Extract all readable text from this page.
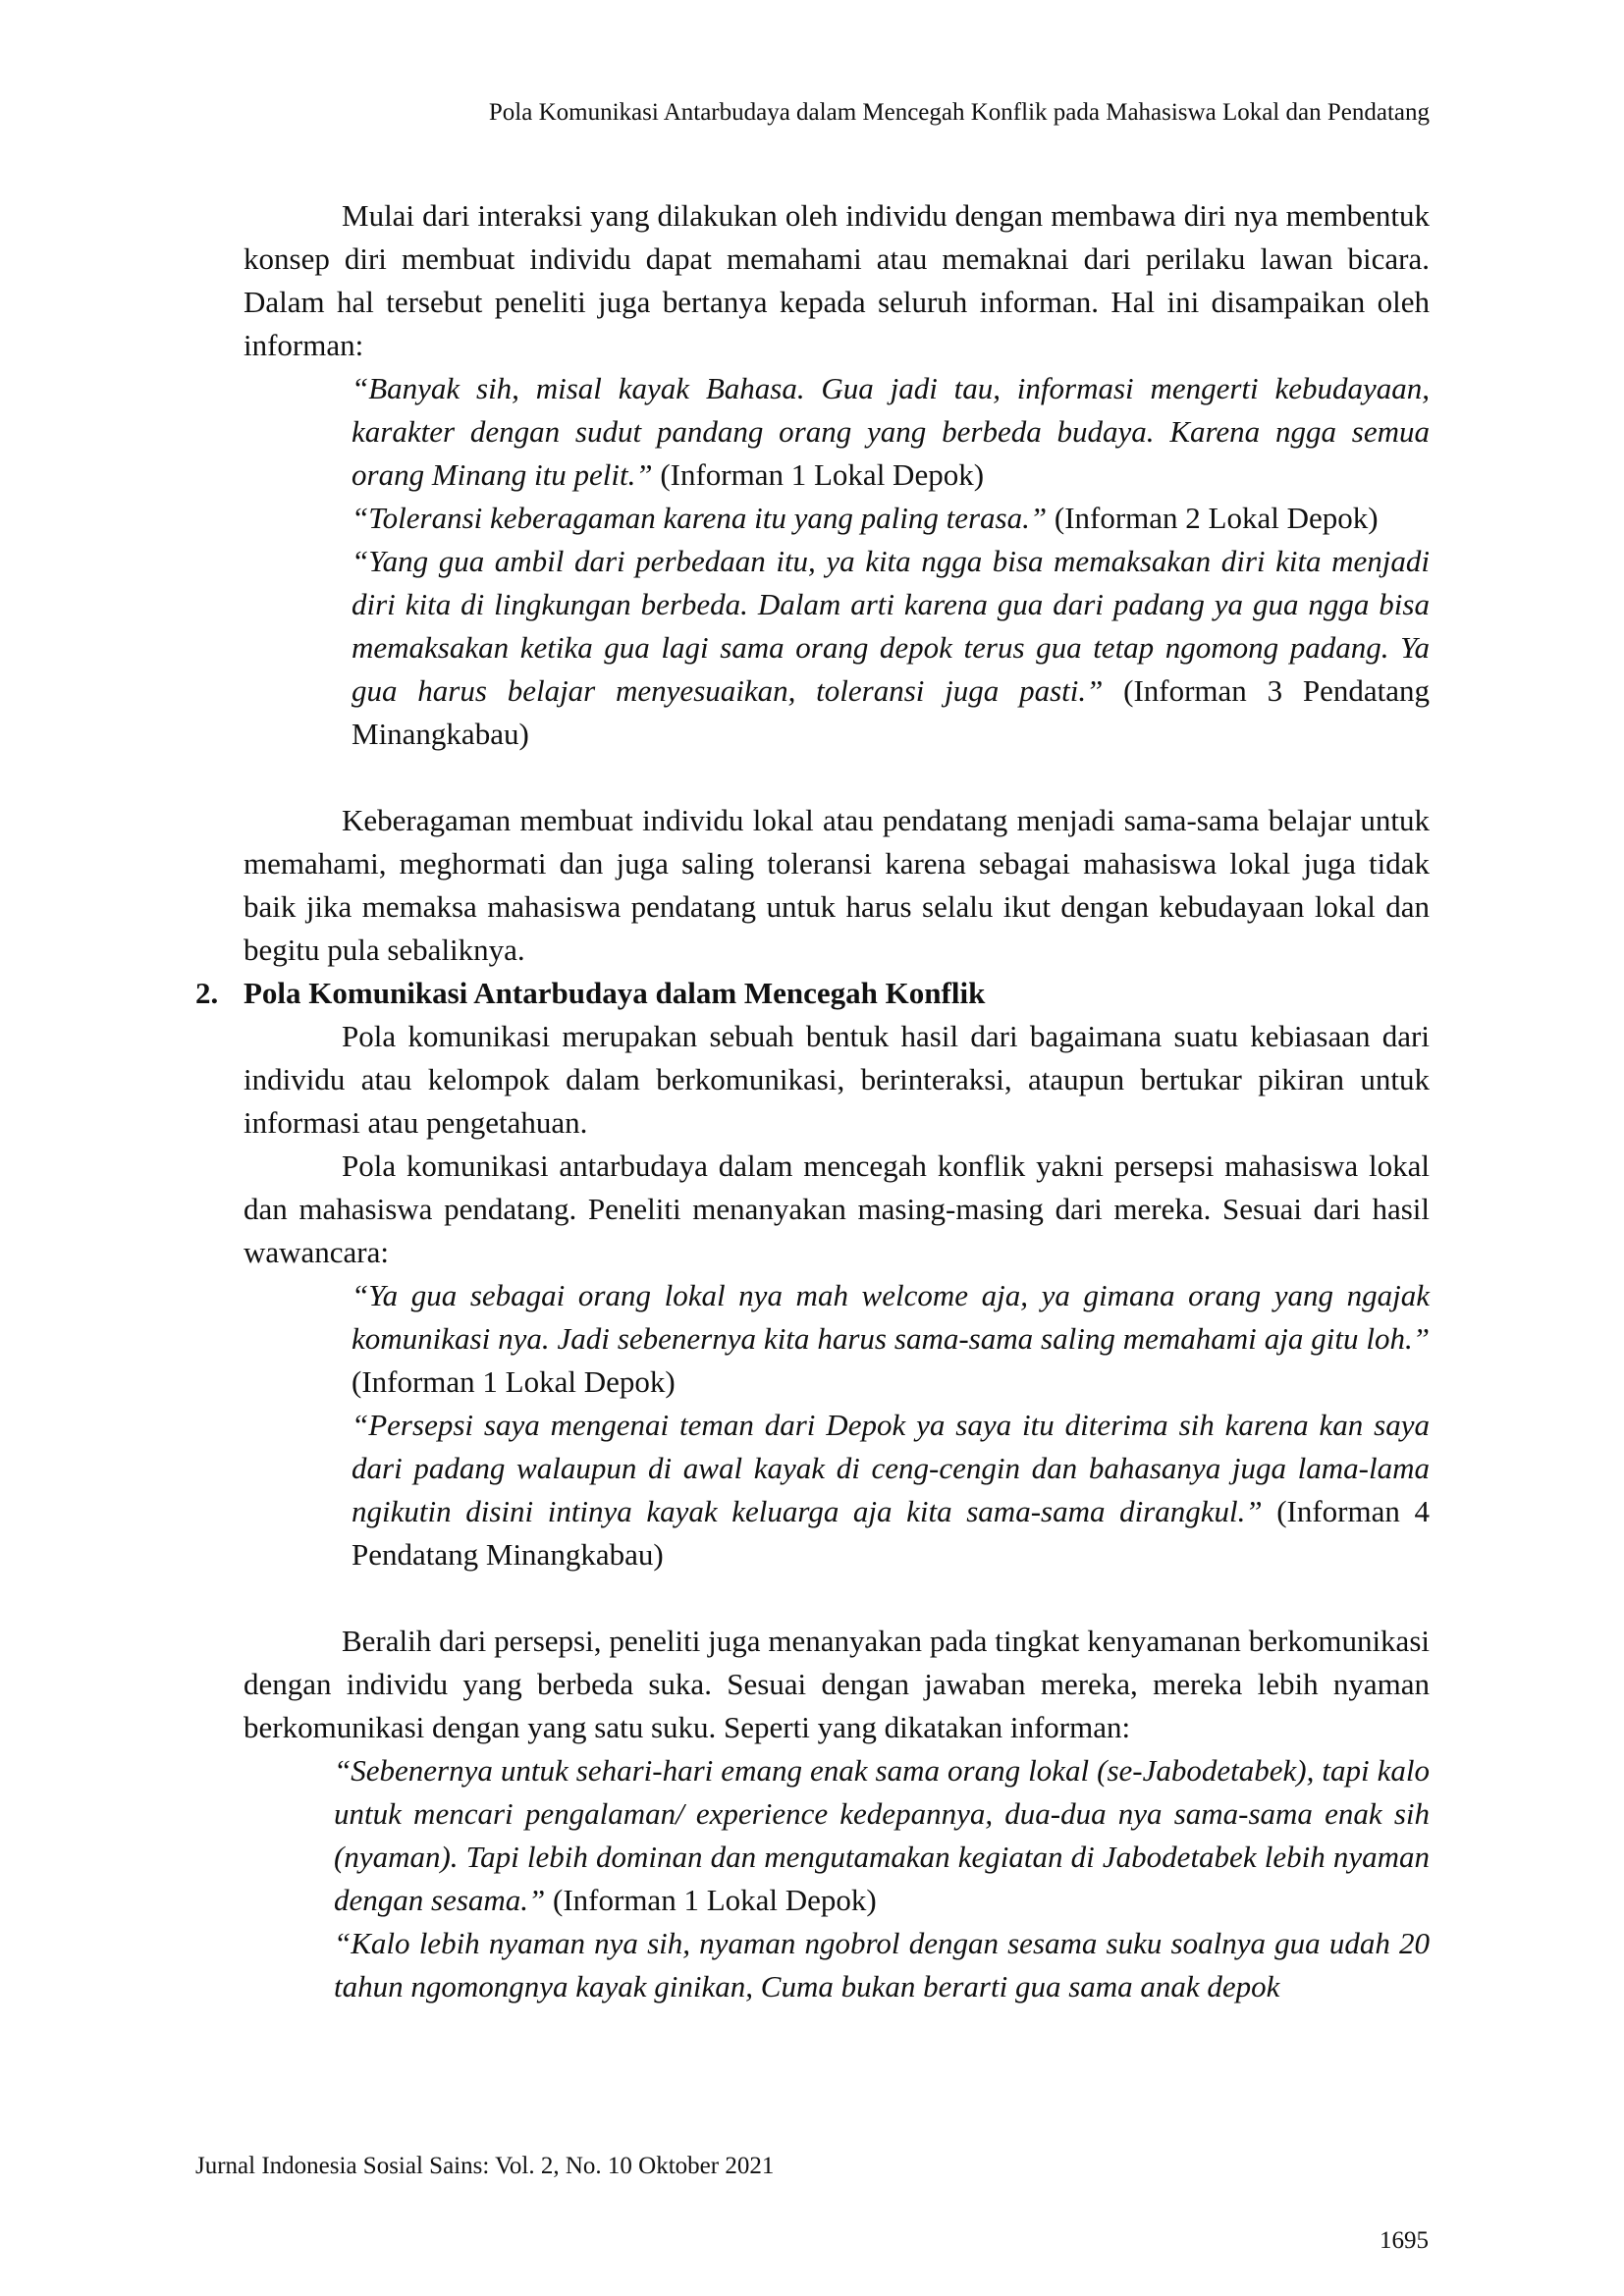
Pola Komunikasi Antarbudaya dalam Mencegah Konflik pada Mahasiswa Lokal dan Pendatang

Mulai dari interaksi yang dilakukan oleh individu dengan membawa diri nya membentuk konsep diri membuat individu dapat memahami atau memaknai dari perilaku lawan bicara. Dalam hal tersebut peneliti juga bertanya kepada seluruh informan. Hal ini disampaikan oleh informan:

“Banyak sih, misal kayak Bahasa. Gua jadi tau, informasi mengerti kebudayaan, karakter dengan sudut pandang orang yang berbeda budaya. Karena ngga semua orang Minang itu pelit.” (Informan 1 Lokal Depok)

“Toleransi keberagaman karena itu yang paling terasa.” (Informan 2 Lokal Depok)

“Yang gua ambil dari perbedaan itu, ya kita ngga bisa memaksakan diri kita menjadi diri kita di lingkungan berbeda. Dalam arti karena gua dari padang ya gua ngga bisa memaksakan ketika gua lagi sama orang depok terus gua tetap ngomong padang. Ya gua harus belajar menyesuaikan, toleransi juga pasti.” (Informan 3 Pendatang Minangkabau)

Keberagaman membuat individu lokal atau pendatang menjadi sama-sama belajar untuk memahami, meghormati dan juga saling toleransi karena sebagai mahasiswa lokal juga tidak baik jika memaksa mahasiswa pendatang untuk harus selalu ikut dengan kebudayaan lokal dan begitu pula sebaliknya.

2. Pola Komunikasi Antarbudaya dalam Mencegah Konflik

Pola komunikasi merupakan sebuah bentuk hasil dari bagaimana suatu kebiasaan dari individu atau kelompok dalam berkomunikasi, berinteraksi, ataupun bertukar pikiran untuk informasi atau pengetahuan.

Pola komunikasi antarbudaya dalam mencegah konflik yakni persepsi mahasiswa lokal dan mahasiswa pendatang. Peneliti menanyakan masing-masing dari mereka. Sesuai dari hasil wawancara:

“Ya gua sebagai orang lokal nya mah welcome aja, ya gimana orang yang ngajak komunikasi nya. Jadi sebenernya kita harus sama-sama saling memahami aja gitu loh.” (Informan 1 Lokal Depok)

“Persepsi saya mengenai teman dari Depok ya saya itu diterima sih karena kan saya dari padang walaupun di awal kayak di ceng-cengin dan bahasanya juga lama-lama ngikutin disini intinya kayak keluarga aja kita sama-sama dirangkul.” (Informan 4 Pendatang Minangkabau)

Beralih dari persepsi, peneliti juga menanyakan pada tingkat kenyamanan berkomunikasi dengan individu yang berbeda suka. Sesuai dengan jawaban mereka, mereka lebih nyaman berkomunikasi dengan yang satu suku. Seperti yang dikatakan informan:

“Sebenernya untuk sehari-hari emang enak sama orang lokal (se-Jabodetabek), tapi kalo untuk mencari pengalaman/ experience kedepannya, dua-dua nya sama-sama enak sih (nyaman). Tapi lebih dominan dan mengutamakan kegiatan di Jabodetabek lebih nyaman dengan sesama.” (Informan 1 Lokal Depok)

“Kalo lebih nyaman nya sih, nyaman ngobrol dengan sesama suku soalnya gua udah 20 tahun ngomongnya kayak ginikan, Cuma bukan berarti gua sama anak depok

Jurnal Indonesia Sosial Sains: Vol. 2, No. 10 Oktober 2021
1695
